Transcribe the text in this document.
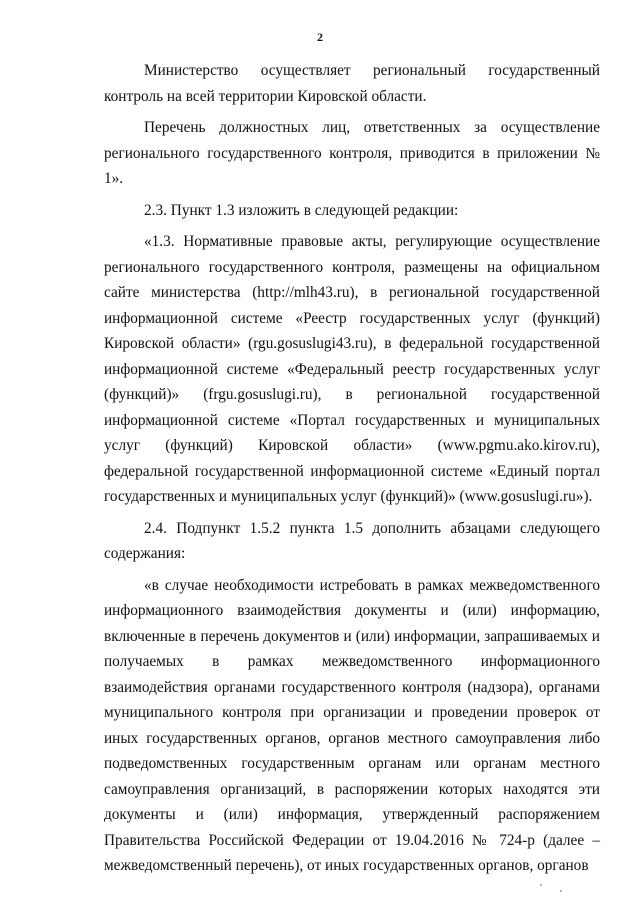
2

Министерство осуществляет региональный государственный контроль на всей территории Кировской области.

Перечень должностных лиц, ответственных за осуществление регионального государственного контроля, приводится в приложении № 1».

2.3. Пункт 1.3 изложить в следующей редакции:

«1.3. Нормативные правовые акты, регулирующие осуществление регионального государственного контроля, размещены на официальном сайте министерства (http://mlh43.ru), в региональной государственной информационной системе «Реестр государственных услуг (функций) Кировской области» (rgu.gosuslugi43.ru), в федеральной государственной информационной системе «Федеральный реестр государственных услуг (функций)» (frgu.gosuslugi.ru), в региональной государственной информационной системе «Портал государственных и муниципальных услуг (функций) Кировской области» (www.pgmu.ako.kirov.ru), федеральной государственной информационной системе «Единый портал государственных и муниципальных услуг (функций)» (www.gosuslugi.ru»).

2.4. Подпункт 1.5.2 пункта 1.5 дополнить абзацами следующего содержания:

«в случае необходимости истребовать в рамках межведомственного информационного взаимодействия документы и (или) информацию, включенные в перечень документов и (или) информации, запрашиваемых и получаемых в рамках межведомственного информационного взаимодействия органами государственного контроля (надзора), органами муниципального контроля при организации и проведении проверок от иных государственных органов, органов местного самоуправления либо подведомственных государственным органам или органам местного самоуправления организаций, в распоряжении которых находятся эти документы и (или) информация, утвержденный распоряжением Правительства Российской Федерации от 19.04.2016 № 724-р (далее – межведомственный перечень), от иных государственных органов, органов
